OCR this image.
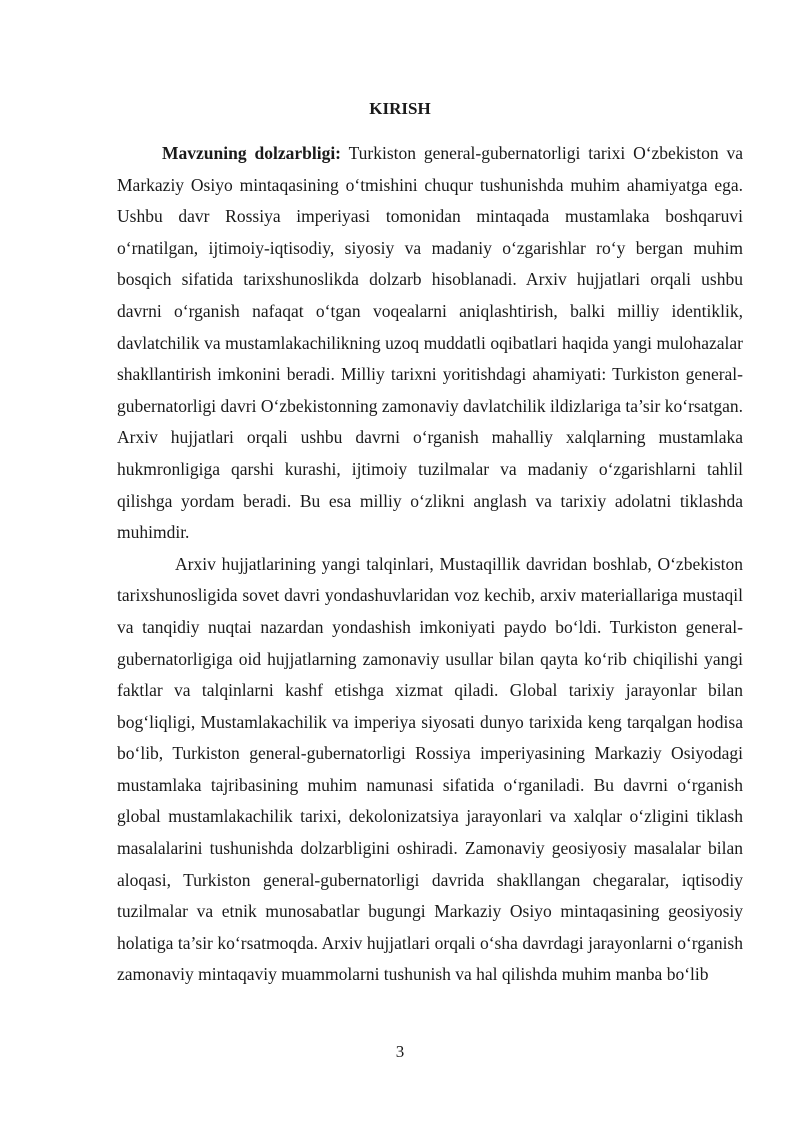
KIRISH

Mavzuning dolzarbligi: Turkiston general-gubernatorligi tarixi O‘zbekiston va Markaziy Osiyo mintaqasining o‘tmishini chuqur tushunishda muhim ahamiyatga ega. Ushbu davr Rossiya imperiyasi tomonidan mintaqada mustamlaka boshqaruvi o‘rnatilgan, ijtimoiy-iqtisodiy, siyosiy va madaniy o‘zgarishlar ro‘y bergan muhim bosqich sifatida tarixshunoslikda dolzarb hisoblanadi. Arxiv hujjatlari orqali ushbu davrni o‘rganish nafaqat o‘tgan voqealarni aniqlashtirish, balki milliy identiklik, davlatchilik va mustamlakachilikning uzoq muddatli oqibatlari haqida yangi mulohazalar shakllantirish imkonini beradi. Milliy tarixni yoritishdagi ahamiyati: Turkiston general-gubernatorligi davri O‘zbekistonning zamonaviy davlatchilik ildizlariga ta’sir ko‘rsatgan. Arxiv hujjatlari orqali ushbu davrni o‘rganish mahalliy xalqlarning mustamlaka hukmronligiga qarshi kurashi, ijtimoiy tuzilmalar va madaniy o‘zgarishlarni tahlil qilishga yordam beradi. Bu esa milliy o‘zlikni anglash va tarixiy adolatni tiklashda muhimdir.

Arxiv hujjatlarining yangi talqinlari, Mustaqillik davridan boshlab, O‘zbekiston tarixshunosligida sovet davri yondashuvlaridan voz kechib, arxiv materiallariga mustaqil va tanqidiy nuqtai nazardan yondashish imkoniyati paydo bo‘ldi. Turkiston general-gubernatorligiga oid hujjatlarning zamonaviy usullar bilan qayta ko‘rib chiqilishi yangi faktlar va talqinlarni kashf etishga xizmat qiladi. Global tarixiy jarayonlar bilan bog‘liqligi, Mustamlakachilik va imperiya siyosati dunyo tarixida keng tarqalgan hodisa bo‘lib, Turkiston general-gubernatorligi Rossiya imperiyasining Markaziy Osiyodagi mustamlaka tajribasining muhim namunasi sifatida o‘rganiladi. Bu davrni o‘rganish global mustamlakachilik tarixi, dekolonizatsiya jarayonlari va xalqlar o‘zligini tiklash masalalarini tushunishda dolzarbligini oshiradi. Zamonaviy geosiyosiy masalalar bilan aloqasi, Turkiston general-gubernatorligi davrida shakllangan chegaralar, iqtisodiy tuzilmalar va etnik munosabatlar bugungi Markaziy Osiyo mintaqasining geosiyosiy holatiga ta’sir ko‘rsatmoqda. Arxiv hujjatlari orqali o‘sha davrdagi jarayonlarni o‘rganish zamonaviy mintaqaviy muammolarni tushunish va hal qilishda muhim manba bo‘lib

3
